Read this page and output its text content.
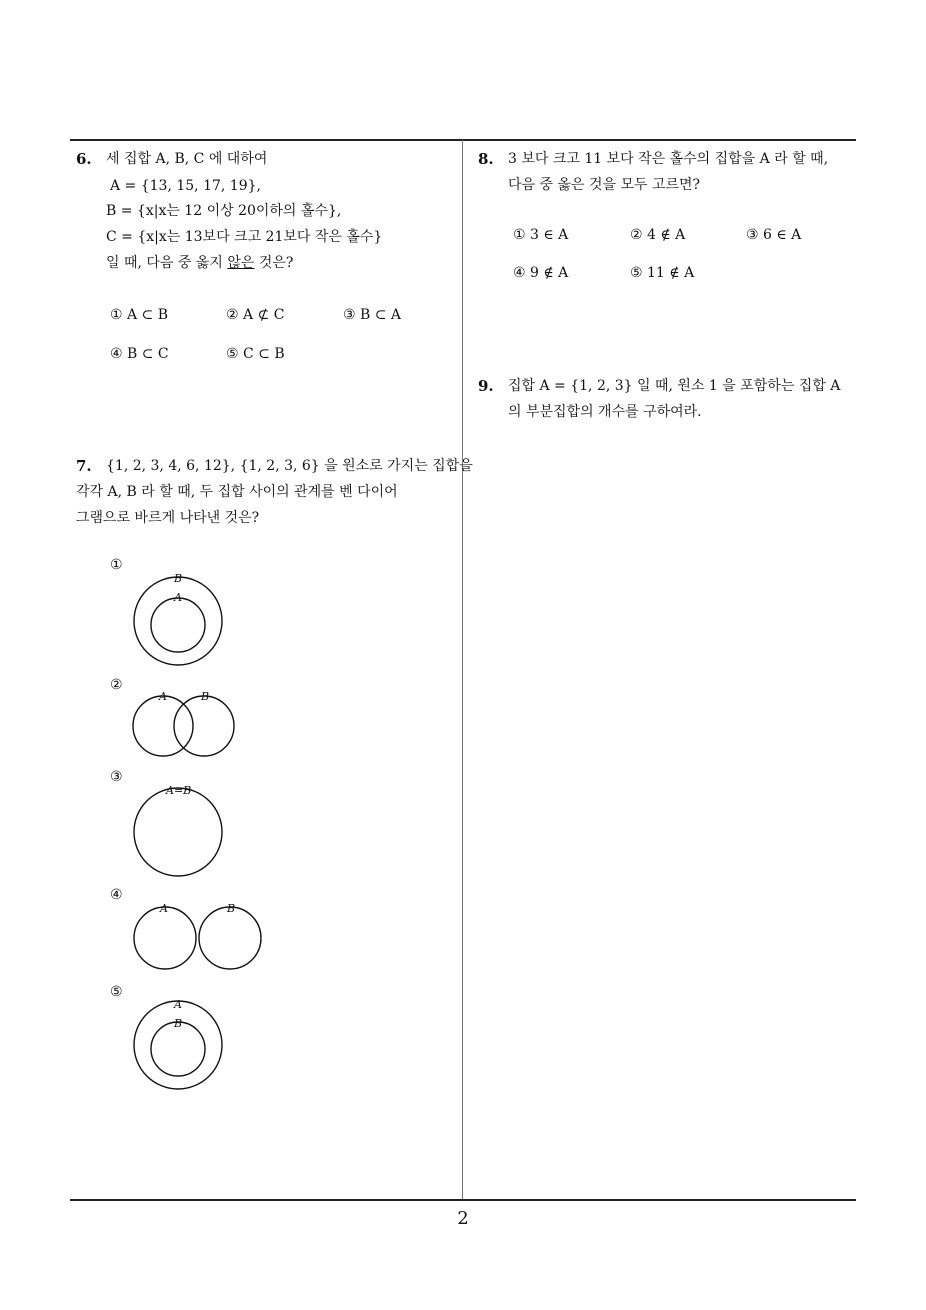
6. 세 집합 A, B, C 에 대하여
A = {13, 15, 17, 19},
B = {x|x는 12 이상 20이하의 홀수},
C = {x|x는 13보다 크고 21보다 작은 홀수}
일 때, 다음 중 옳지 않은 것은?
① A ⊂ B	② A ⊄ C	③ B ⊂ A
④ B ⊂ C	⑤ C ⊂ B
7. {1, 2, 3, 4, 6, 12}, {1, 2, 3, 6} 을 원소로 가지는 집합을
각각 A, B 라 할 때, 두 집합 사이의 관계를 벤 다이어
그램으로 바르게 나타낸 것은?
①
B
A
②
A	B
③
A=B
④
A	B
⑤
A
B
8. 3 보다 크고 11 보다 작은 홀수의 집합을 A 라 할 때,
다음 중 옳은 것을 모두 고르면?
① 3 ∈ A	② 4 ∉ A	③ 6 ∈ A
④ 9 ∉ A	⑤ 11 ∉ A
9. 집합 A = {1, 2, 3} 일 때, 원소 1 을 포함하는 집합 A
의 부분집합의 개수를 구하여라.
2
